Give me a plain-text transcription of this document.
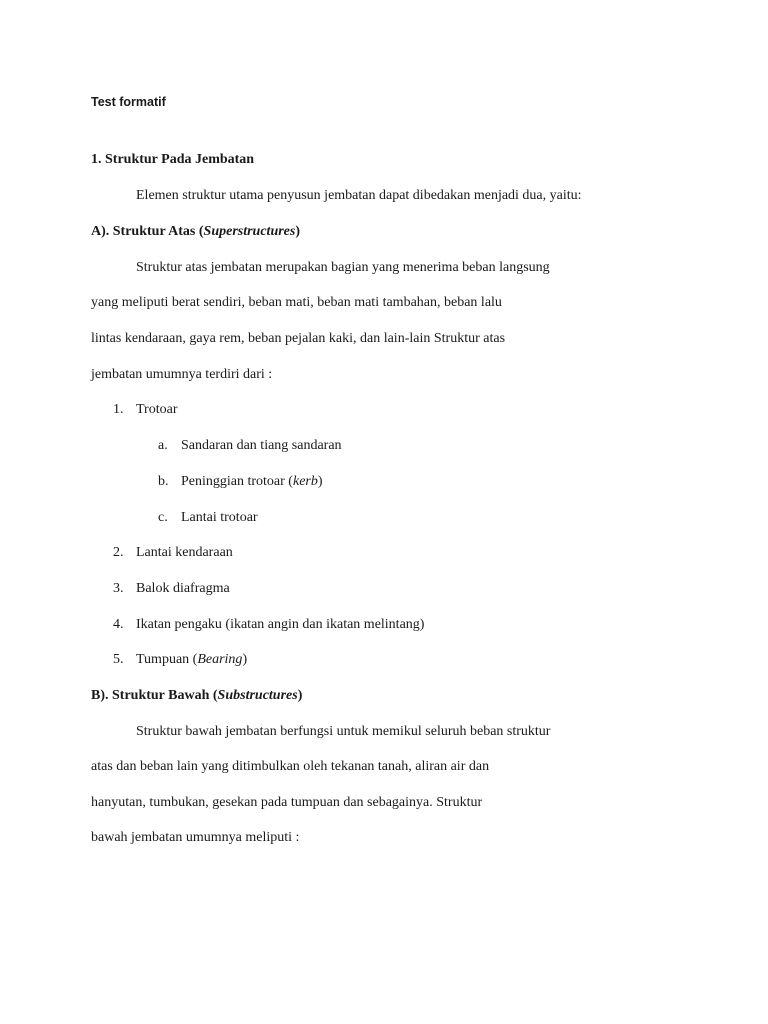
Test formatif
1. Struktur Pada Jembatan
Elemen struktur utama penyusun jembatan dapat dibedakan menjadi dua, yaitu:
A). Struktur Atas (Superstructures)
Struktur atas jembatan merupakan bagian yang menerima beban langsung
yang meliputi berat sendiri, beban mati, beban mati tambahan, beban lalu
lintas kendaraan, gaya rem, beban pejalan kaki, dan lain-lain Struktur atas
jembatan umumnya terdiri dari :
1. Trotoar
a. Sandaran dan tiang sandaran
b. Peninggian trotoar (kerb)
c. Lantai trotoar
2. Lantai kendaraan
3. Balok diafragma
4. Ikatan pengaku (ikatan angin dan ikatan melintang)
5. Tumpuan (Bearing)
B). Struktur Bawah (Substructures)
Struktur bawah jembatan berfungsi untuk memikul seluruh beban struktur
atas dan beban lain yang ditimbulkan oleh tekanan tanah, aliran air dan
hanyutan, tumbukan, gesekan pada tumpuan dan sebagainya. Struktur
bawah jembatan umumnya meliputi :
